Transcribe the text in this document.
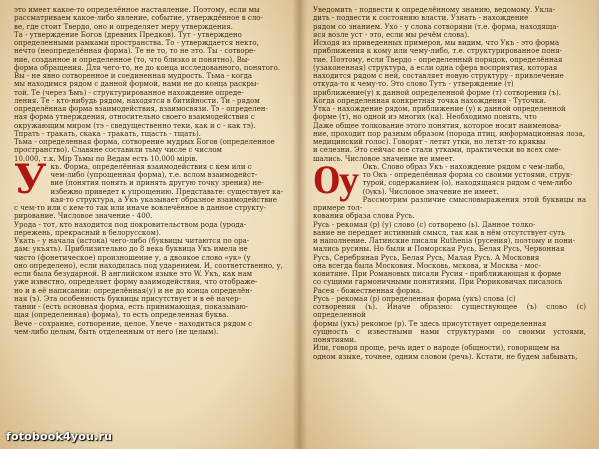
это имеет какое-то определённое настаяление. Поэтому, если мы

рассматриваем какое-либо явление, событие, утверждённое в сло-

ве, где стоит Твердо, оно и определяет меру утверждения.

Та - утверждение Богов (древних Предков). Тут - утверждено

определенными рамками пространства. То - утверждается некто,

нечто (неопределённая форма). Те не то, то не это. Ты - сотворе-

ние, созданное и определенное (то, что близко и понятно). Вы-

форма обращения. Для чего-то, не до конца исследованного, понятого.

Вы - не явно сотворенное и соединенная мудрость. Тьма - когда

мы находимся рядом с данной формой, нами не до конца раскры-

той. Те (через Ѣмъ) - структурированное нахождение опреде-

ления. Те - кто-нибудь рядом, находятся в битийности. Ти - рядом

определённая форма взаимодействия, взаимосвязи. Тэ - определен-

ная форма утверждения, относительно своего взаимодействия с

окружающим миром (тэ - сведущественно теки, как и с - как тэ).

Тпрать - тракать, скака - тракать, тщасть - тщать).

Тьма - определенная форма, сотворение мудрых Богов (определенное

пространство). Славяне составили тьму числе с числом

10.000, т.к. Мір Тьмы по Ведам есть 10.000 мірів.

У къ. Форма, определённая взаимодействия с кем или с

чем-либо (упрощенная форма), т.е. вслом взаимодейст-

вие (понятия понять и принять другую точку зрения) не-

избежно приведет к упрощению. Представьте: существует ка-

кая-то структура, а Укъ указывает образное взаимодействие

с чем-то или с кем-то так или иначе вовлечённое в данное структу-

рирование. Числовое значение - 400.

Урода - тот, кто находится под покровительством рода (урода-

пережень, прекрасный в белорусском).

Укать - у начала (истока) чего-либо (буквицы читаются по ора-

дам: укъять). Приблизительно до 8 века буквица Укъ имела не

чисто (фонетическое) произношение у, а двоякое слово «ук» (у

оно определено), если находилась под ударением. И, соответственно, у,

если была безударной. В английском языке это W. Укъ, как нам

уже известно, определяет форму взаимодействия, что отображе-

но и в её написании: определённая(у) и не до конца определён-

ная (ъ). Эта особенность буквицы присутствует и в её начер-

тании - (есть основная форма, есть принимающая, показываю-

щая (определенная) форма), то есть определенная буква.

Вече - сохрание, сотворение, целое. Увече - находиться рядом с

чем-либо целым, быть отделенным от него (не целым).

fotobook4you.ru

Уведомить - подвести к определённому знанию, ведомому. Укла-

дить - подвести к состоянию власти. Узнать - нахождение

рядом со знанием. Ухо - у слова сотворяни (т.е. форма, находяща-

яся возле уст - это, если мы речём слова).

Исходя из приведенных примеров, мы видим, что Укъ - это форма

приближения к кому или чему-либо, т.е. структурированное поня-

тие. Поэтому, если Твердо - определенный порядок, определённая

(узаконенная) структура, а если одна сфера восприятия, которая

находится рядом с ней, составляет новую структуру - привлечение

откуда-то к чему-то. Это слово Тутъ - утверждение (т)

приближение(у) к данной определенной форме (т) сотворения (ъ).

Когда определенная конкретная точка нахождения - Туточки.

Утка - нахождение рядом, приближение (у) к данной определенной

форме (т), но одной из многих (ка). Необходимо понять, что

Даже общее толкование этого понятия, которое носит наименова-

ние, проходит пор разным образом (порода птиц, информационная лоза,

медицинский голос). Говорят - летят утки, но летят-то кряквы

и селезни. Это сейчас все стали утками, практически во всех сме-

шались. Числовое значение не имеет.

Ѹ Окъ. Слово образ Укъ - нахождение рядом с чем-либо,

то Окъ - определённая форма со своими устоями, струк-

турой, содержанием (о), находящаяся рядом с чем-либо

(Ѹкъ). Числовое значение не имеет.

Рассмотрим различие смысловыражения этой буквицы на примере тол-

кования образа слова Русь.

Русь - рекомая (р) (у) слово (с) сотворено (ь). Данное толко-

вание не передает истинный смысл, так как в нём отсутствует суть

и наполнение. Латинские писали Ruthenia (русения), поэтому и пони-

мались русины. Но были и Поморская Русь, Белая Русь, Червонная

Русь, Серебряная Русь, Белая Русь, Малая Русь. А Московия

она всегда была Московия. Московь, мскова, и Москва - мос-

ковитяне. При Романовых писали Русия - приближающая к форме

со сущими гармоничными понятиями. При Рюриковичах писалось

Расея - божественная форма.

Русь - рекомая (р) определенная форма (укъ) слова (с)

сотворения (ъ). Иначе образно: существующее (ъ) слово (с) определенной

формы (укъ) рекомое (р). Те здесь присутствует определенная

сущность с известными нами структурами со своими устоями, понятиями.

Или, говоря проще, речь идет о народе (общности), говорящем на

одном языке, точнее, одним словом (речь). Кстати, не будем забывать,
